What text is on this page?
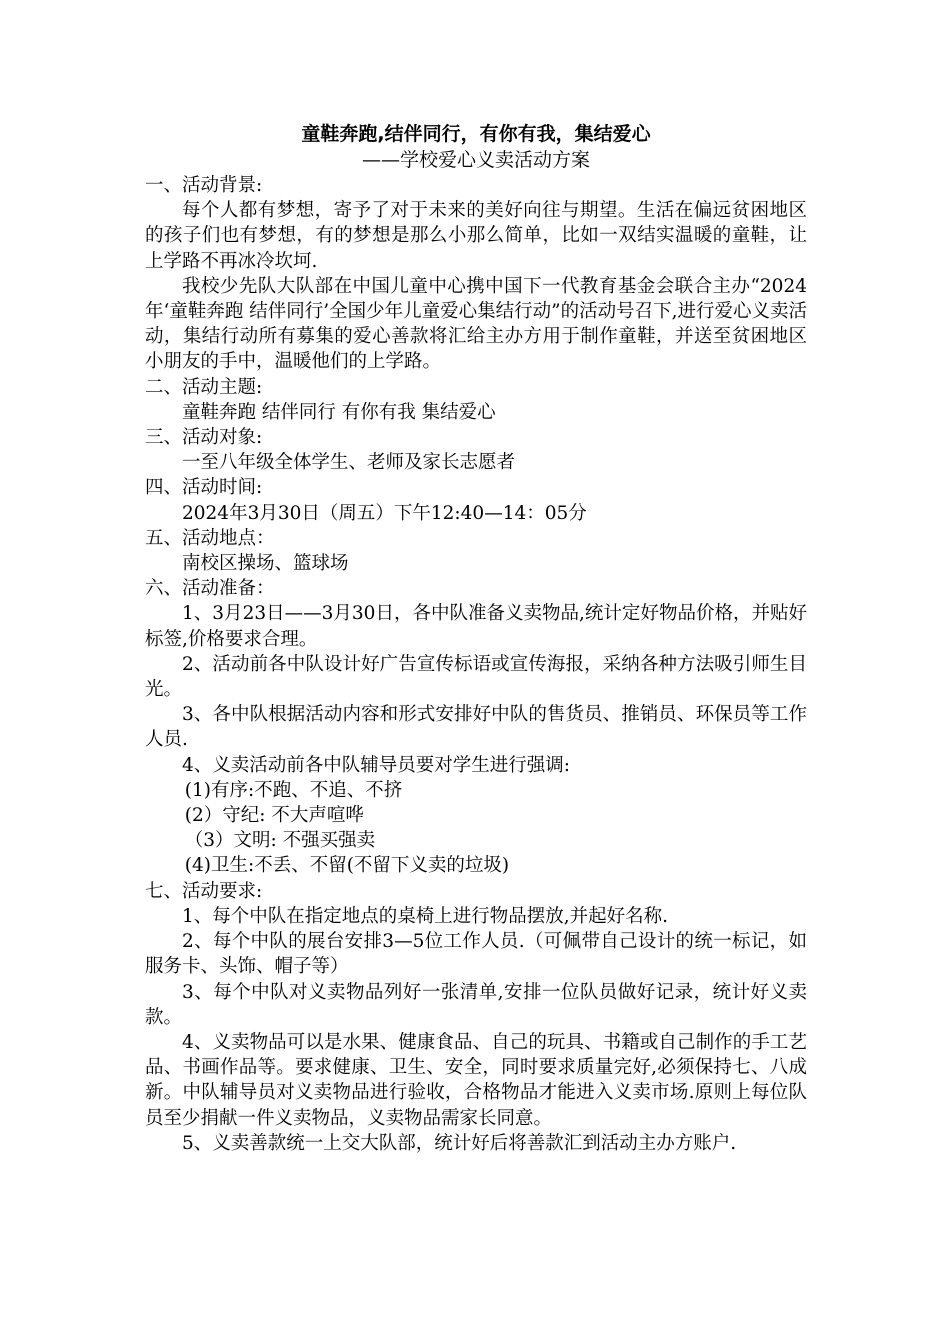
童鞋奔跑,结伴同行，有你有我，集结爱心
——学校爱心义卖活动方案
一、活动背景:
每个人都有梦想，寄予了对于未来的美好向往与期望。生活在偏远贫困地区的孩子们也有梦想，有的梦想是那么小那么简单，比如一双结实温暖的童鞋，让上学路不再冰冷坎坷.
我校少先队大队部在中国儿童中心携中国下一代教育基金会联合主办“2024年‘童鞋奔跑 结伴同行’全国少年儿童爱心集结行动”的活动号召下,进行爱心义卖活动，集结行动所有募集的爱心善款将汇给主办方用于制作童鞋，并送至贫困地区小朋友的手中，温暖他们的上学路。
二、活动主题:
童鞋奔跑 结伴同行 有你有我 集结爱心
三、活动对象:
一至八年级全体学生、老师及家长志愿者
四、活动时间:
2024年3月30日（周五）下午12:40—14：05分
五、活动地点：
南校区操场、篮球场
六、活动准备：
1、3月23日——3月30日，各中队准备义卖物品,统计定好物品价格，并贴好标签,价格要求合理。
2、活动前各中队设计好广告宣传标语或宣传海报，采纳各种方法吸引师生目光。
3、各中队根据活动内容和形式安排好中队的售货员、推销员、环保员等工作人员.
4、义卖活动前各中队辅导员要对学生进行强调:
(1)有序:不跑、不追、不挤
(2）守纪: 不大声喧哗
（3）文明: 不强买强卖
(4)卫生:不丢、不留(不留下义卖的垃圾)
七、活动要求:
1、每个中队在指定地点的桌椅上进行物品摆放,并起好名称.
2、每个中队的展台安排3—5位工作人员.（可佩带自己设计的统一标记，如服务卡、头饰、帽子等）
3、每个中队对义卖物品列好一张清单,安排一位队员做好记录，统计好义卖款。
4、义卖物品可以是水果、健康食品、自己的玩具、书籍或自己制作的手工艺品、书画作品等。要求健康、卫生、安全，同时要求质量完好,必须保持七、八成新。中队辅导员对义卖物品进行验收，合格物品才能进入义卖市场.原则上每位队员至少捐献一件义卖物品，义卖物品需家长同意。
5、义卖善款统一上交大队部，统计好后将善款汇到活动主办方账户.
